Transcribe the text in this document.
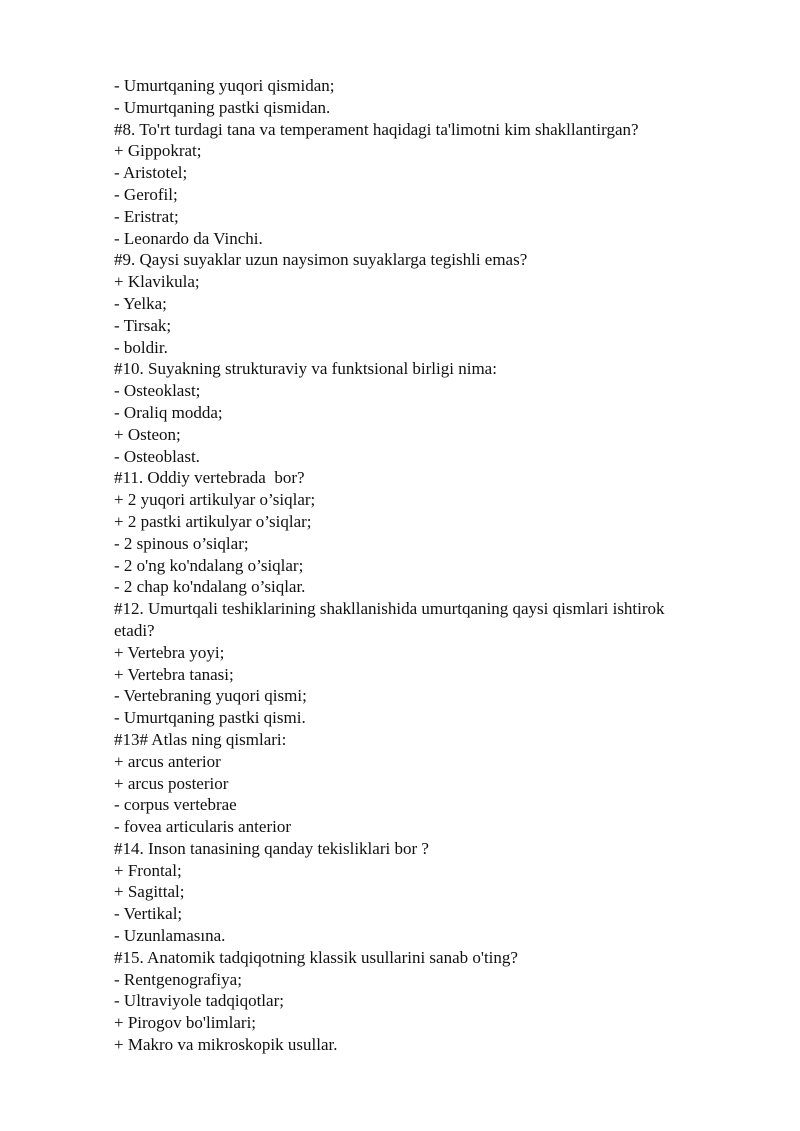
- Umurtqaning yuqori qismidan;
- Umurtqaning pastki qismidan.
#8. To'rt turdagi tana va temperament haqidagi ta'limotni kim shakllantirgan?
+ Gippokrat;
- Aristotel;
- Gerofil;
- Eristrat;
- Leonardo da Vinchi.
#9. Qaysi suyaklar uzun naysimon suyaklarga tegishli emas?
+ Klavikula;
- Yelka;
- Tirsak;
- boldir.
#10. Suyakning strukturaviy va funktsional birligi nima:
- Osteoklast;
- Oraliq modda;
+ Osteon;
- Osteoblast.
#11. Oddiy vertebrada  bor?
+ 2 yuqori artikulyar o’siqlar;
+ 2 pastki artikulyar o’siqlar;
- 2 spinous o’siqlar;
- 2 o'ng ko'ndalang o’siqlar;
- 2 chap ko'ndalang o’siqlar.
#12. Umurtqali teshiklarining shakllanishida umurtqaning qaysi qismlari ishtirok
etadi?
+ Vertebra yoyi;
+ Vertebra tanasi;
- Vertebraning yuqori qismi;
- Umurtqaning pastki qismi.
#13# Atlas ning qismlari:
+ arcus anterior
+ arcus posterior
- corpus vertebrae
- fovea articularis anterior
#14. Inson tanasining qanday tekisliklari bor ?
+ Frontal;
+ Sagittal;
- Vertikal;
- Uzunlamasına.
#15. Anatomik tadqiqotning klassik usullarini sanab o'ting?
- Rentgenografiya;
- Ultraviyole tadqiqotlar;
+ Pirogov bo'limlari;
+ Makro va mikroskopik usullar.
